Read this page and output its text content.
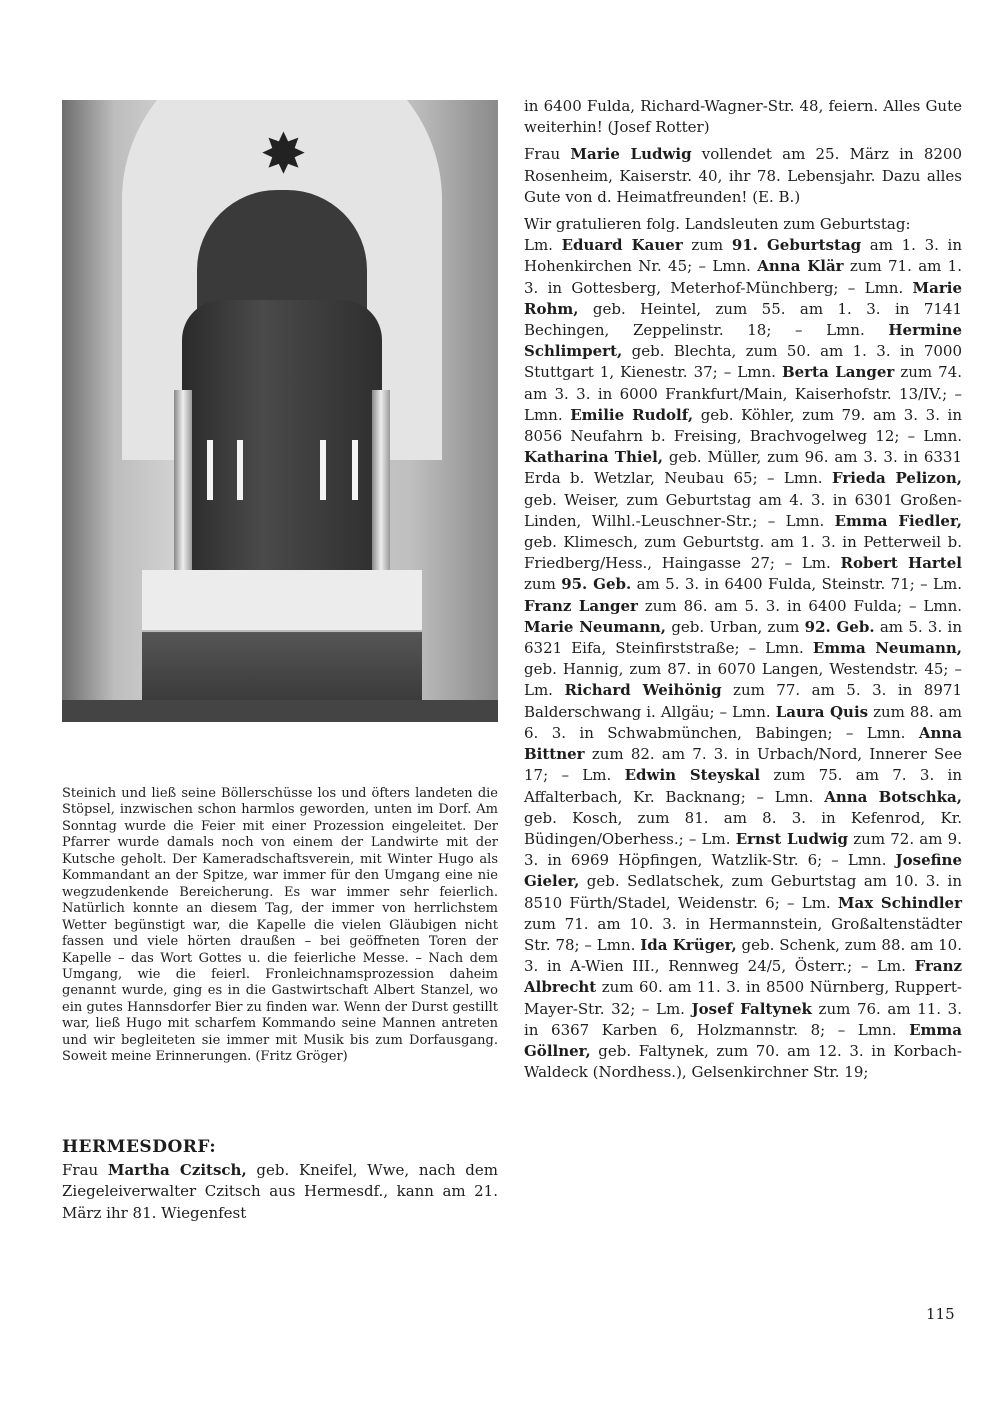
✸
Steinich und ließ seine Böllerschüsse los und öfters landeten die Stöpsel, inzwischen schon harmlos geworden, unten im Dorf. Am Sonntag wurde die Feier mit einer Prozession eingeleitet. Der Pfarrer wurde damals noch von einem der Landwirte mit der Kutsche geholt. Der Kameradschaftsverein, mit Winter Hugo als Kommandant an der Spitze, war immer für den Umgang eine nie wegzudenkende Bereicherung. Es war immer sehr feierlich. Natürlich konnte an diesem Tag, der immer von herrlichstem Wetter begünstigt war, die Kapelle die vielen Gläubigen nicht fassen und viele hörten draußen – bei geöffneten Toren der Kapelle – das Wort Gottes u. die feierliche Messe. – Nach dem Umgang, wie die feierl. Fronleichnamsprozession daheim genannt wurde, ging es in die Gastwirtschaft Albert Stanzel, wo ein gutes Hannsdorfer Bier zu finden war. Wenn der Durst gestillt war, ließ Hugo mit scharfem Kommando seine Mannen antreten und wir begleiteten sie immer mit Musik bis zum Dorfausgang. Soweit meine Erinnerungen. (Fritz Gröger)
HERMESDORF:
Frau Martha Czitsch, geb. Kneifel, Wwe, nach dem Ziegeleiverwalter Czitsch aus Hermesdf., kann am 21. März ihr 81. Wiegenfest

in 6400 Fulda, Richard-Wagner-Str. 48, feiern. Alles Gute weiterhin! (Josef Rotter)

Frau Marie Ludwig vollendet am 25. März in 8200 Rosenheim, Kaiserstr. 40, ihr 78. Lebensjahr. Dazu alles Gute von d. Heimatfreunden! (E. B.)

Wir gratulieren folg. Landsleuten zum Geburtstag:
Lm. Eduard Kauer zum 91. Geburtstag am 1. 3. in Hohenkirchen Nr. 45; – Lmn. Anna Klär zum 71. am 1. 3. in Gottesberg, Meterhof-Münchberg; – Lmn. Marie Rohm, geb. Heintel, zum 55. am 1. 3. in 7141 Bechingen, Zeppelinstr. 18; – Lmn. Hermine Schlimpert, geb. Blechta, zum 50. am 1. 3. in 7000 Stuttgart 1, Kienestr. 37; – Lmn. Berta Langer zum 74. am 3. 3. in 6000 Frankfurt/Main, Kaiserhofstr. 13/IV.; – Lmn. Emilie Rudolf, geb. Köhler, zum 79. am 3. 3. in 8056 Neufahrn b. Freising, Brachvogelweg 12; – Lmn. Katharina Thiel, geb. Müller, zum 96. am 3. 3. in 6331 Erda b. Wetzlar, Neubau 65; – Lmn. Frieda Pelizon, geb. Weiser, zum Geburtstag am 4. 3. in 6301 Großen-Linden, Wilhl.-Leuschner-Str.; – Lmn. Emma Fiedler, geb. Klimesch, zum Geburtstg. am 1. 3. in Petterweil b. Friedberg/Hess., Haingasse 27; – Lm. Robert Hartel zum 95. Geb. am 5. 3. in 6400 Fulda, Steinstr. 71; – Lm. Franz Langer zum 86. am 5. 3. in 6400 Fulda; – Lmn. Marie Neumann, geb. Urban, zum 92. Geb. am 5. 3. in 6321 Eifa, Steinfirststraße; – Lmn. Emma Neumann, geb. Hannig, zum 87. in 6070 Langen, Westendstr. 45; – Lm. Richard Weihönig zum 77. am 5. 3. in 8971 Balderschwang i. Allgäu; – Lmn. Laura Quis zum 88. am 6. 3. in Schwabmünchen, Babingen; – Lmn. Anna Bittner zum 82. am 7. 3. in Urbach/Nord, Innerer See 17; – Lm. Edwin Steyskal zum 75. am 7. 3. in Affalterbach, Kr. Backnang; – Lmn. Anna Botschka, geb. Kosch, zum 81. am 8. 3. in Kefenrod, Kr. Büdingen/Oberhess.; – Lm. Ernst Ludwig zum 72. am 9. 3. in 6969 Höpfingen, Watzlik-Str. 6; – Lmn. Josefine Gieler, geb. Sedlatschek, zum Geburtstag am 10. 3. in 8510 Fürth/Stadel, Weidenstr. 6; – Lm. Max Schindler zum 71. am 10. 3. in Hermannstein, Großaltenstädter Str. 78; – Lmn. Ida Krüger, geb. Schenk, zum 88. am 10. 3. in A-Wien III., Rennweg 24/5, Österr.; – Lm. Franz Albrecht zum 60. am 11. 3. in 8500 Nürnberg, Ruppert-Mayer-Str. 32; – Lm. Josef Faltynek zum 76. am 11. 3. in 6367 Karben 6, Holzmannstr. 8; – Lmn. Emma Göllner, geb. Faltynek, zum 70. am 12. 3. in Korbach-Waldeck (Nordhess.), Gelsenkirchner Str. 19;
115
